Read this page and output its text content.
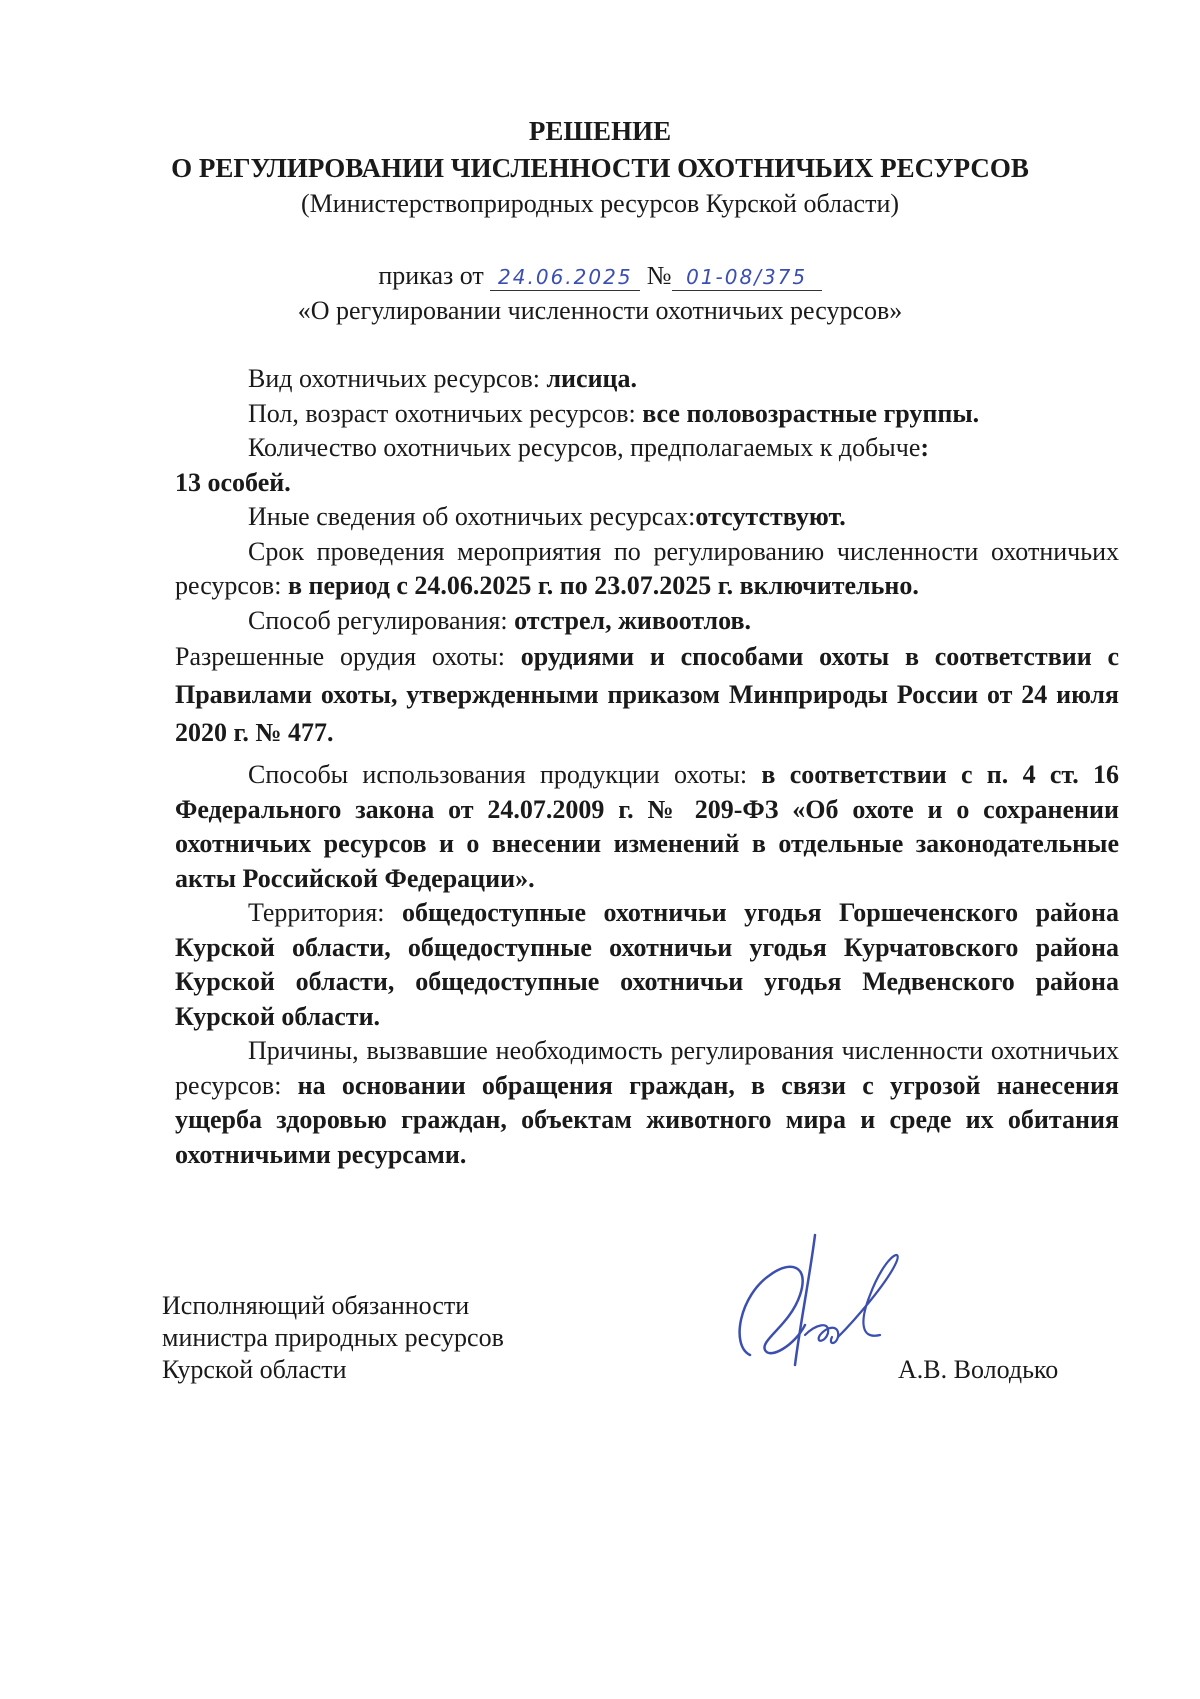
РЕШЕНИЕ
О РЕГУЛИРОВАНИИ ЧИСЛЕННОСТИ ОХОТНИЧЬИХ РЕСУРСОВ
(Министерствоприродных ресурсов Курской области)
приказ от 24.06.2025 № 01-08/375
«О регулировании численности охотничьих ресурсов»

Вид охотничьих ресурсов: лисица.

Пол, возраст охотничьих ресурсов: все половозрастные группы.

Количество охотничьих ресурсов, предполагаемых к добыче:

13 особей.

Иные сведения об охотничьих ресурсах:отсутствуют.

Срок проведения мероприятия по регулированию численности охотничьих ресурсов: в период с 24.06.2025 г. по 23.07.2025 г. включительно.

Способ регулирования: отстрел, живоотлов.

Разрешенные орудия охоты: орудиями и способами охоты в соответствии с Правилами охоты, утвержденными приказом Минприроды России от 24 июля 2020 г. № 477.

Способы использования продукции охоты: в соответствии с п. 4 ст. 16 Федерального закона от 24.07.2009 г. № 209-ФЗ «Об охоте и о сохранении охотничьих ресурсов и о внесении изменений в отдельные законодательные акты Российской Федерации».

Территория: общедоступные охотничьи угодья Горшеченского района Курской области, общедоступные охотничьи угодья Курчатовского района Курской области, общедоступные охотничьи угодья Медвенского района Курской области.

Причины, вызвавшие необходимость регулирования численности охотничьих ресурсов: на основании обращения граждан, в связи с угрозой нанесения ущерба здоровью граждан, объектам животного мира и среде их обитания охотничьими ресурсами.

Исполняющий обязанности
министра природных ресурсов
Курской области	А.В. Володько
